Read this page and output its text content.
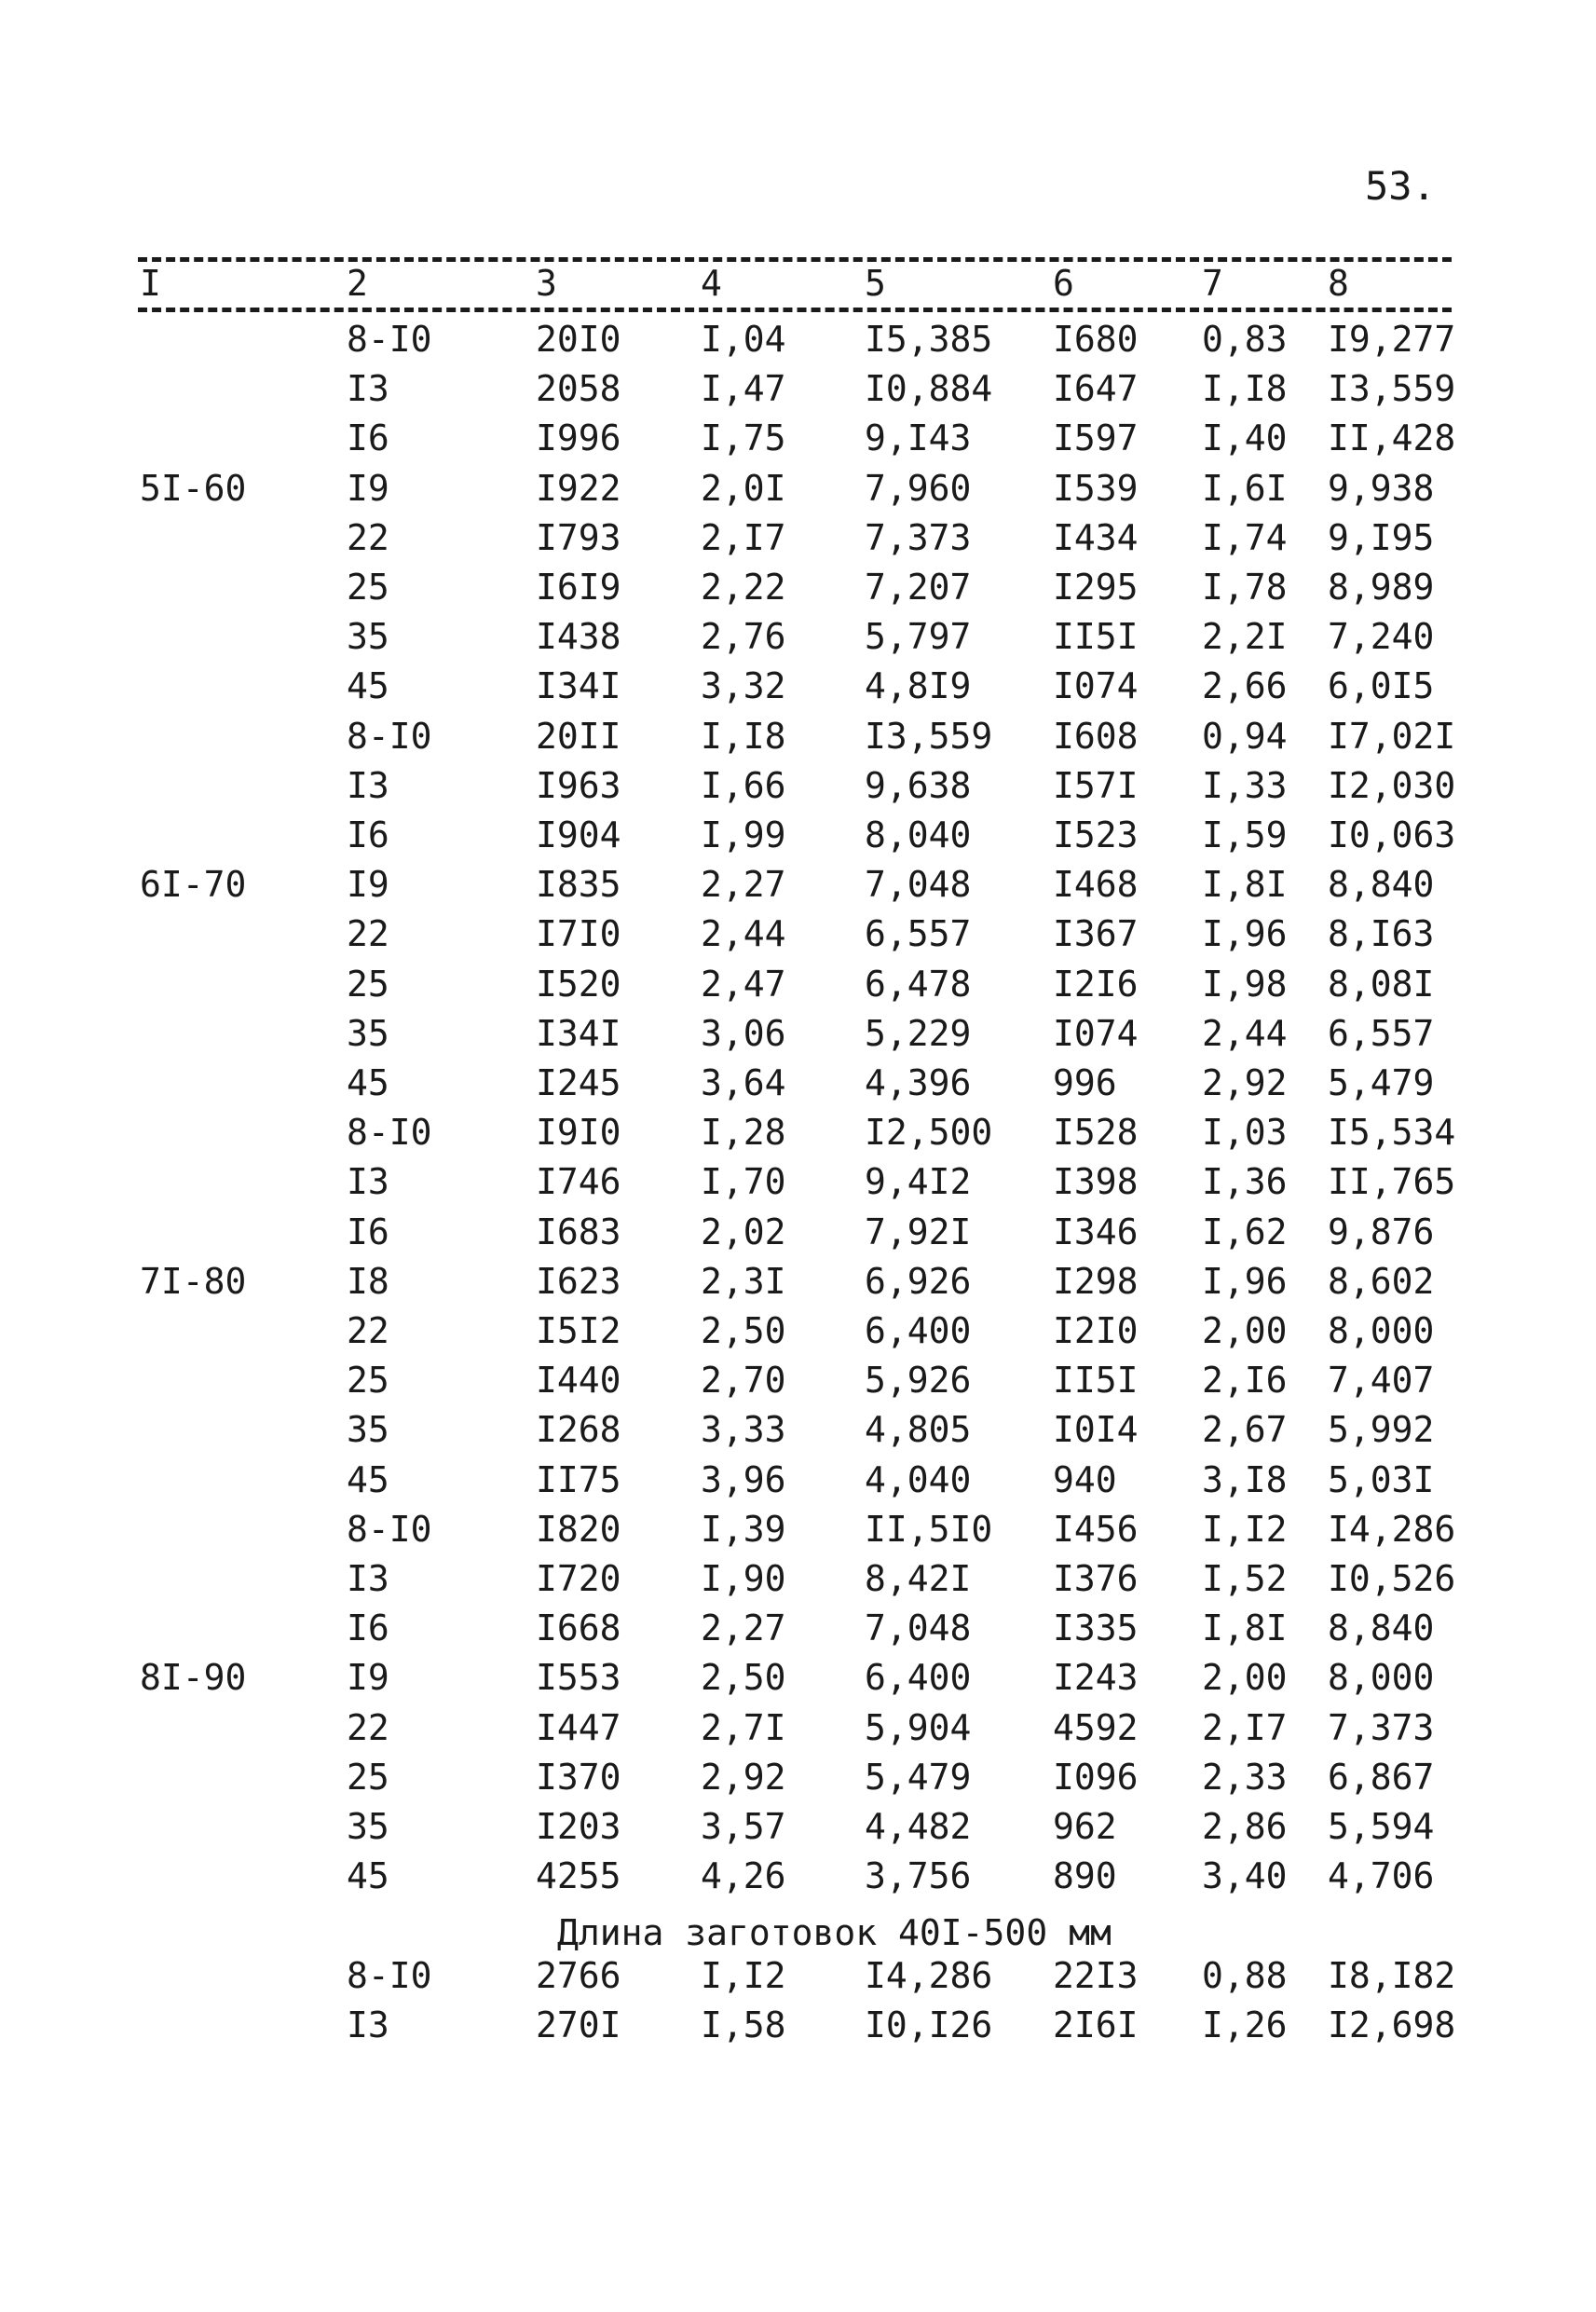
53.
I	2	3	4	5	6	7	8
8-I0	20I0 I,04 I5,385 I680 0,83 I9,277
I3	2058 I,47 I0,884 I647 I,I8 I3,559
I6	I996 I,75 9,I43 I597 I,40 II,428
5I-60	I9	I922 2,0I 7,960 I539 I,6I 9,938
22	I793 2,I7 7,373 I434 I,74 9,I95
25	I6I9 2,22 7,207 I295 I,78 8,989
35	I438 2,76 5,797 II5I 2,2I 7,240
45	I34I 3,32 4,8I9 I074 2,66 6,0I5
8-I0	20II I,I8 I3,559 I608 0,94 I7,02I
I3	I963 I,66 9,638 I57I I,33 I2,030
I6	I904 I,99 8,040 I523 I,59 I0,063
6I-70	I9	I835 2,27 7,048 I468 I,8I 8,840
22	I7I0 2,44 6,557 I367 I,96 8,I63
25	I520 2,47 6,478 I2I6 I,98 8,08I
35	I34I 3,06 5,229 I074 2,44 6,557
45	I245 3,64 4,396 996 2,92 5,479
8-I0	I9I0 I,28 I2,500 I528 I,03 I5,534
I3	I746 I,70 9,4I2 I398 I,36 II,765
I6	I683 2,02 7,92I I346 I,62 9,876
7I-80	I8	I623 2,3I 6,926 I298 I,96 8,602
22	I5I2 2,50 6,400 I2I0 2,00 8,000
25	I440 2,70 5,926 II5I 2,I6 7,407
35	I268 3,33 4,805 I0I4 2,67 5,992
45	II75 3,96 4,040 940 3,I8 5,03I
8-I0	I820 I,39 II,5I0 I456 I,I2 I4,286
I3	I720 I,90 8,42I I376 I,52 I0,526
I6	I668 2,27 7,048 I335 I,8I 8,840
8I-90	I9	I553 2,50 6,400 I243 2,00 8,000
22	I447 2,7I 5,904 4592 2,I7 7,373
25	I370 2,92 5,479 I096 2,33 6,867
35	I203 3,57 4,482 962 2,86 5,594
45	4255 4,26 3,756 890 3,40 4,706
Длина заготовок 40I-500 мм
8-I0	2766 I,I2 I4,286 22I3 0,88 I8,I82
I3	270I I,58 I0,I26 2I6I I,26 I2,698
